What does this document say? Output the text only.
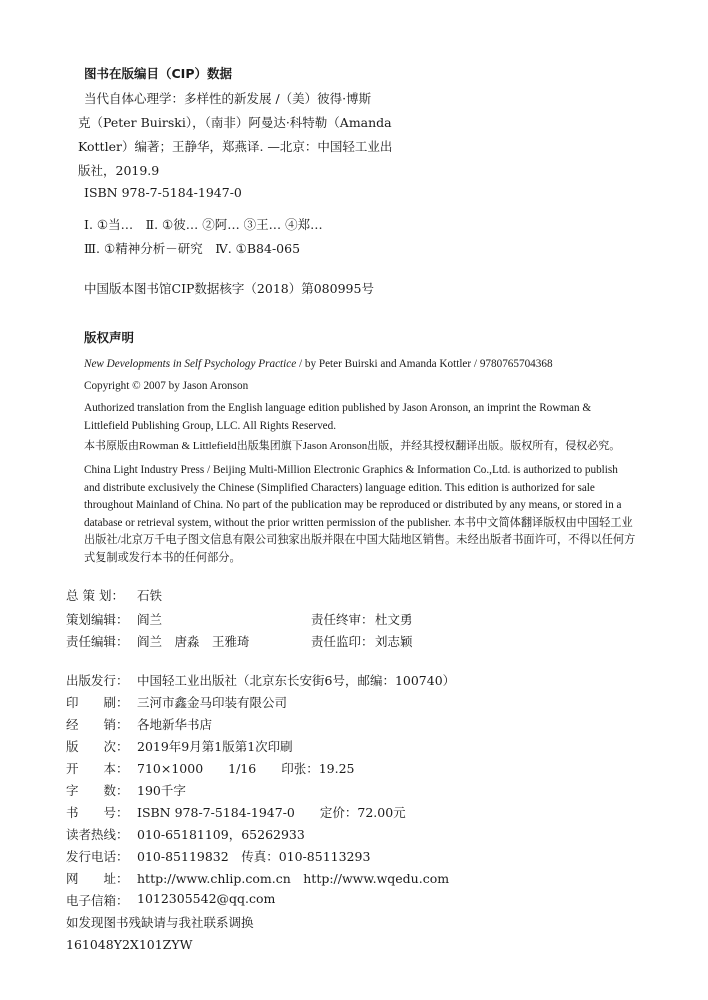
图书在版编目（CIP）数据
当代自体心理学：多样性的新发展 /（美）彼得·博斯
克（Peter Buirski），（南非）阿曼达·科特勒（Amanda
Kottler）编著；王静华，郑燕译. —北京：中国轻工业出
版社，2019.9
ISBN 978-7-5184-1947-0
Ⅰ. ①当…　Ⅱ. ①彼… ②阿… ③王… ④郑…
Ⅲ. ①精神分析－研究　Ⅳ. ①B84-065
中国版本图书馆CIP数据核字（2018）第080995号
版权声明
New Developments in Self Psychology Practice / by Peter Buirski and Amanda Kottler / 9780765704368
Copyright © 2007 by Jason Aronson
Authorized translation from the English language edition published by Jason Aronson, an imprint the Rowman & Littlefield Publishing Group, LLC. All Rights Reserved.
本书原版由Rowman & Littlefield出版集团旗下Jason Aronson出版，并经其授权翻译出版。版权所有，侵权必究。
China Light Industry Press / Beijing Multi-Million Electronic Graphics & Information Co.,Ltd. is authorized to publish and distribute exclusively the Chinese (Simplified Characters) language edition. This edition is authorized for sale throughout Mainland of China. No part of the publication may be reproduced or distributed by any means, or stored in a database or retrieval system, without the prior written permission of the publisher. 本书中文简体翻译版权由中国轻工业出版社/北京万千电子图文信息有限公司独家出版并限在中国大陆地区销售。未经出版者书面许可，不得以任何方式复制或发行本书的任何部分。
总 策 划： 石铁
策划编辑： 阎兰	责任终审： 杜文勇
责任编辑： 阎兰　唐淼　王雅琦	责任监印： 刘志颖
出版发行： 中国轻工业出版社（北京东长安街6号，邮编：100740）
印　　刷： 三河市鑫金马印装有限公司
经　　销： 各地新华书店
版　　次： 2019年9月第1版第1次印刷
开　　本： 710×1000　　1/16　　印张：19.25
字　　数： 190千字
书　　号： ISBN 978-7-5184-1947-0　　定价：72.00元
读者热线： 010-65181109，65262933
发行电话： 010-85119832　传真：010-85113293
网　　址： http://www.chlip.com.cn　http://www.wqedu.com
电子信箱： 1012305542@qq.com
如发现图书残缺请与我社联系调换
161048Y2X101ZYW
